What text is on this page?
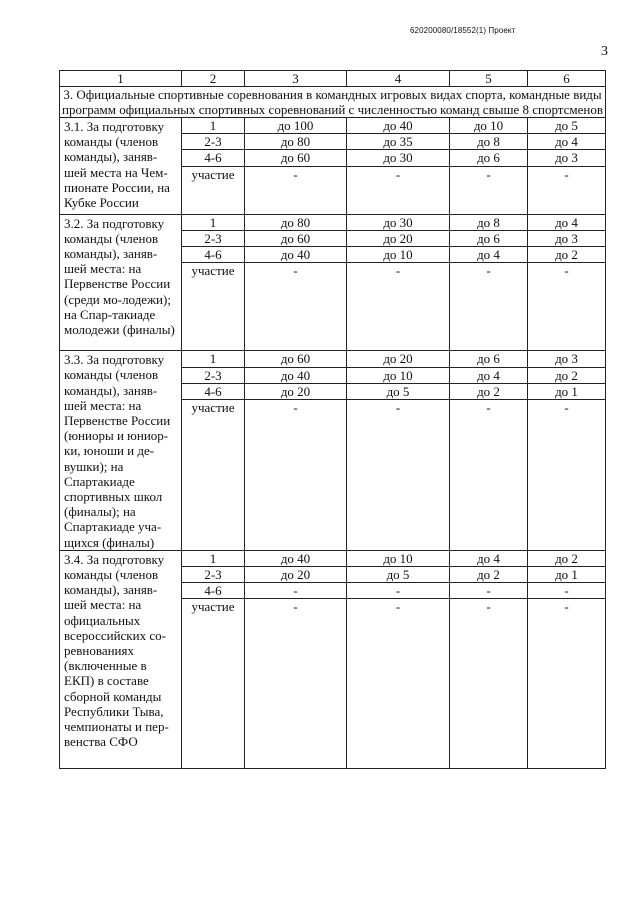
620200080/18552(1) Проект
3
1	2	3	4	5	6
3. Официальные спортивные соревнования в командных игровых видах спорта, командные виды программ официальных спортивных соревнований с численностью команд свыше 8 спортсменов					
3.1. За подготовку команды (членов команды), заняв-шей места на Чем-пионате России, на Кубке России	1	до 100	до 40	до 10	до 5
	2-3	до 80	до 35	до 8	до 4
	4-6	до 60	до 30	до 6	до 3
	участие	-	-	-	-
3.2. За подготовку команды (членов команды), заняв-шей места: на Первенстве России (среди мо-лодежи); на Спар-такиаде молодежи (финалы)	1	до 80	до 30	до 8	до 4
	2-3	до 60	до 20	до 6	до 3
	4-6	до 40	до 10	до 4	до 2
	участие	-	-	-	-
3.3. За подготовку команды (членов команды), заняв-шей места: на Первенстве России (юниоры и юниор-ки, юноши и де-вушки); на Спартакиаде спортивных школ (финалы); на Спартакиаде уча-щихся (финалы)	1	до 60	до 20	до 6	до 3
	2-3	до 40	до 10	до 4	до 2
	4-6	до 20	до 5	до 2	до 1
	участие	-	-	-	-
3.4. За подготовку команды (членов команды), заняв-шей места: на официальных всероссийских со-ревнованиях (включенные в ЕКП) в составе сборной команды Республики Тыва, чемпионаты и пер-венства СФО	1	до 40	до 10	до 4	до 2
	2-3	до 20	до 5	до 2	до 1
	4-6	-	-	-	-
	участие	-	-	-	-
